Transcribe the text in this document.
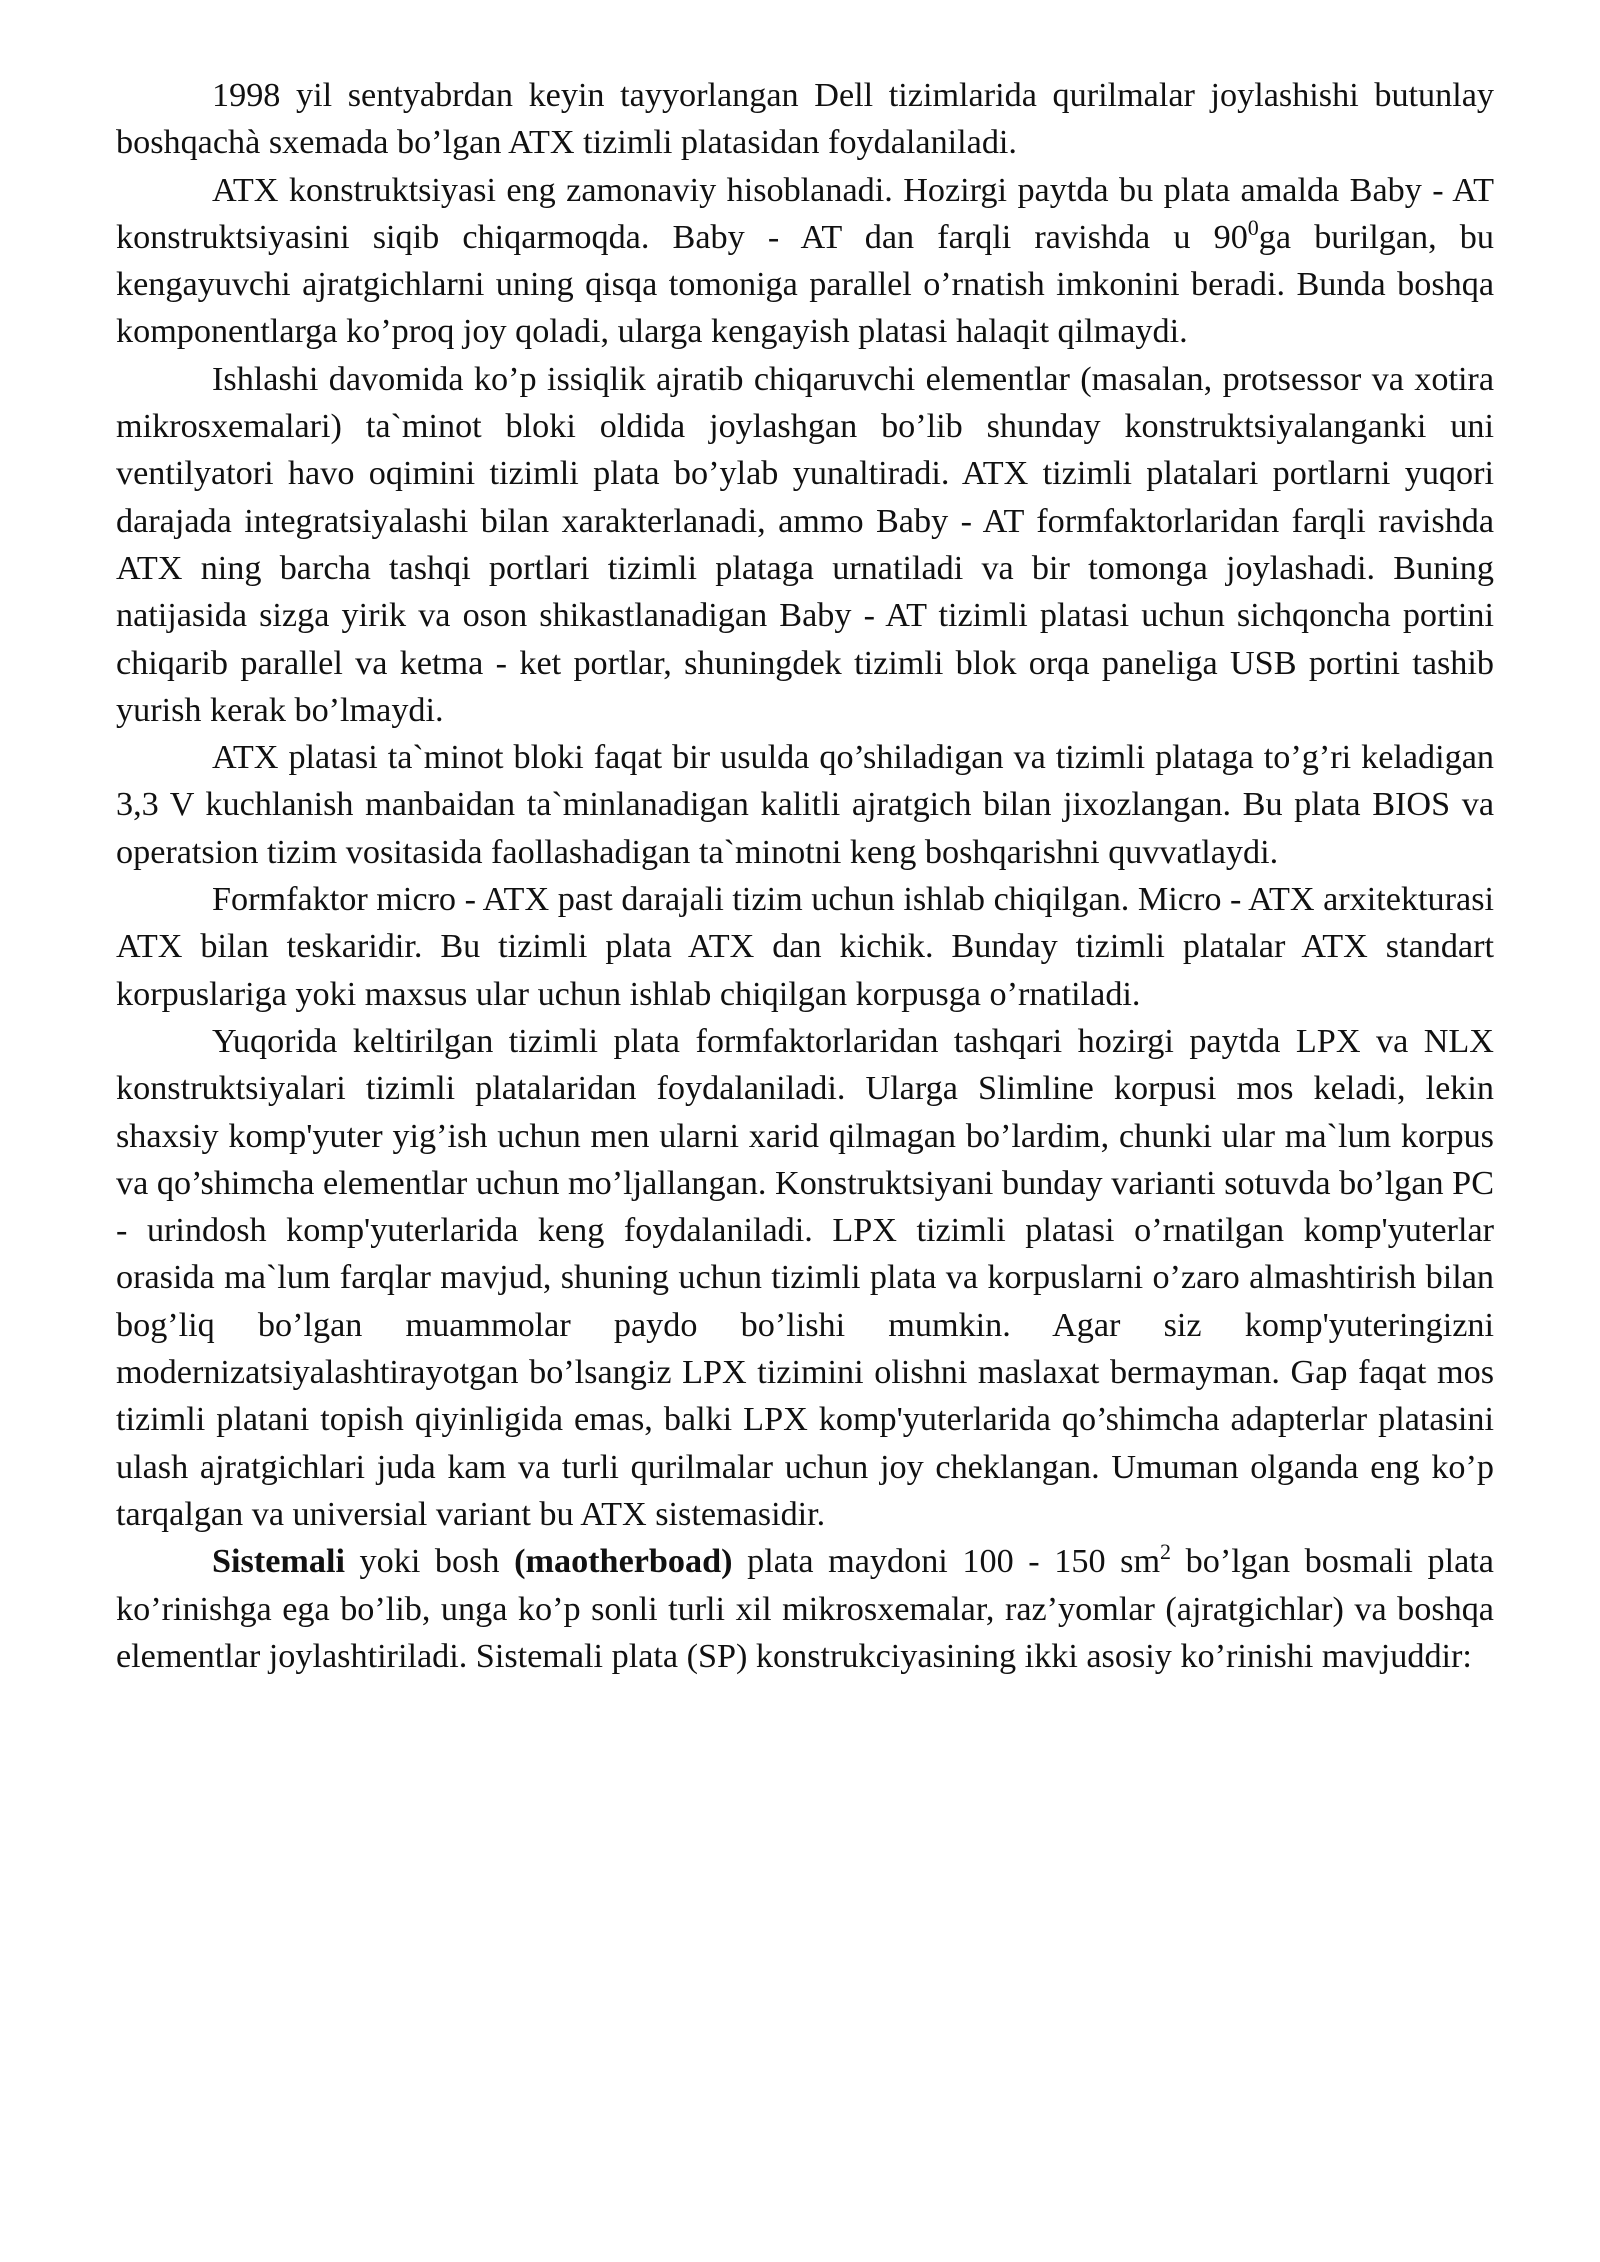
1998 yil sentyabrdan keyin tayyorlangan Dell tizimlarida qurilmalar joylashishi butunlay boshqachà sxemada bo’lgan ATX tizimli platasidan foydalaniladi.

ATX konstruktsiyasi eng zamonaviy hisoblanadi. Hozirgi paytda bu plata amalda Baby - AT konstruktsiyasini siqib chiqarmoqda. Baby - AT dan farqli ravishda u $90^0ga$ burilgan, bu kengayuvchi ajratgichlarni uning qisqa tomoniga parallel o’rnatish imkonini beradi. Bunda boshqa komponentlarga ko’proq joy qoladi, ularga kengayish platasi halaqit qilmaydi.

Ishlashi davomida ko’p issiqlik ajratib chiqaruvchi elementlar (masalan, protsessor va xotira mikrosxemalari) ta`minot bloki oldida joylashgan bo’lib shunday konstruktsiyalanganki uni ventilyatori havo oqimini tizimli plata bo’ylab yunaltiradi. ATX tizimli platalari portlarni yuqori darajada integratsiyalashi bilan xarakterlanadi, ammo Baby - AT formfaktorlaridan farqli ravishda ATX ning barcha tashqi portlari tizimli plataga urnatiladi va bir tomonga joylashadi. Buning natijasida sizga yirik va oson shikastlanadigan Baby - AT tizimli platasi uchun sichqoncha portini chiqarib parallel va ketma - ket portlar, shuningdek tizimli blok orqa paneliga USB portini tashib yurish kerak bo’lmaydi.

ATX platasi ta`minot bloki faqat bir usulda qo’shiladigan va tizimli plataga to’g’ri keladigan 3,3 V kuchlanish manbaidan ta`minlanadigan kalitli ajratgich bilan jixozlangan. Bu plata BIOS va operatsion tizim vositasida faollashadigan ta`minotni keng boshqarishni quvvatlaydi.

Formfaktor micro - ATX past darajali tizim uchun ishlab chiqilgan. Micro - ATX arxitekturasi ATX bilan teskaridir. Bu tizimli plata ATX dan kichik. Bunday tizimli platalar ATX standart korpuslariga yoki maxsus ular uchun ishlab chiqilgan korpusga o’rnatiladi.

Yuqorida keltirilgan tizimli plata formfaktorlaridan tashqari hozirgi paytda LPX va NLX konstruktsiyalari tizimli platalaridan foydalaniladi. Ularga Slimline korpusi mos keladi, lekin shaxsiy komp'yuter yig’ish uchun men ularni xarid qilmagan bo’lardim, chunki ular ma`lum korpus va qo’shimcha elementlar uchun mo’ljallangan. Konstruktsiyani bunday varianti sotuvda bo’lgan PC - urindosh komp'yuterlarida keng foydalaniladi. LPX tizimli platasi o’rnatilgan komp'yuterlar orasida ma`lum farqlar mavjud, shuning uchun tizimli plata va korpuslarni o’zaro almashtirish bilan bog’liq bo’lgan muammolar paydo bo’lishi mumkin. Agar siz komp'yuteringizni modernizatsiyalashtirayotgan bo’lsangiz LPX tizimini olishni maslaxat bermayman. Gap faqat mos tizimli platani topish qiyinligida emas, balki LPX komp'yuterlarida qo’shimcha adapterlar platasini ulash ajratgichlari juda kam va turli qurilmalar uchun joy cheklangan. Umuman olganda eng ko’p tarqalgan va universial variant bu ATX sistemasidir.

Sistemali yoki bosh (maotherboad) plata maydoni 100 - 150 $sm^2$ bo’lgan bosmali plata ko’rinishga ega bo’lib, unga ko’p sonli turli xil mikrosxemalar, raz’yomlar (ajratgichlar) va boshqa elementlar joylashtiriladi. Sistemali plata (SP) konstrukciyasining ikki asosiy ko’rinishi mavjuddir:
